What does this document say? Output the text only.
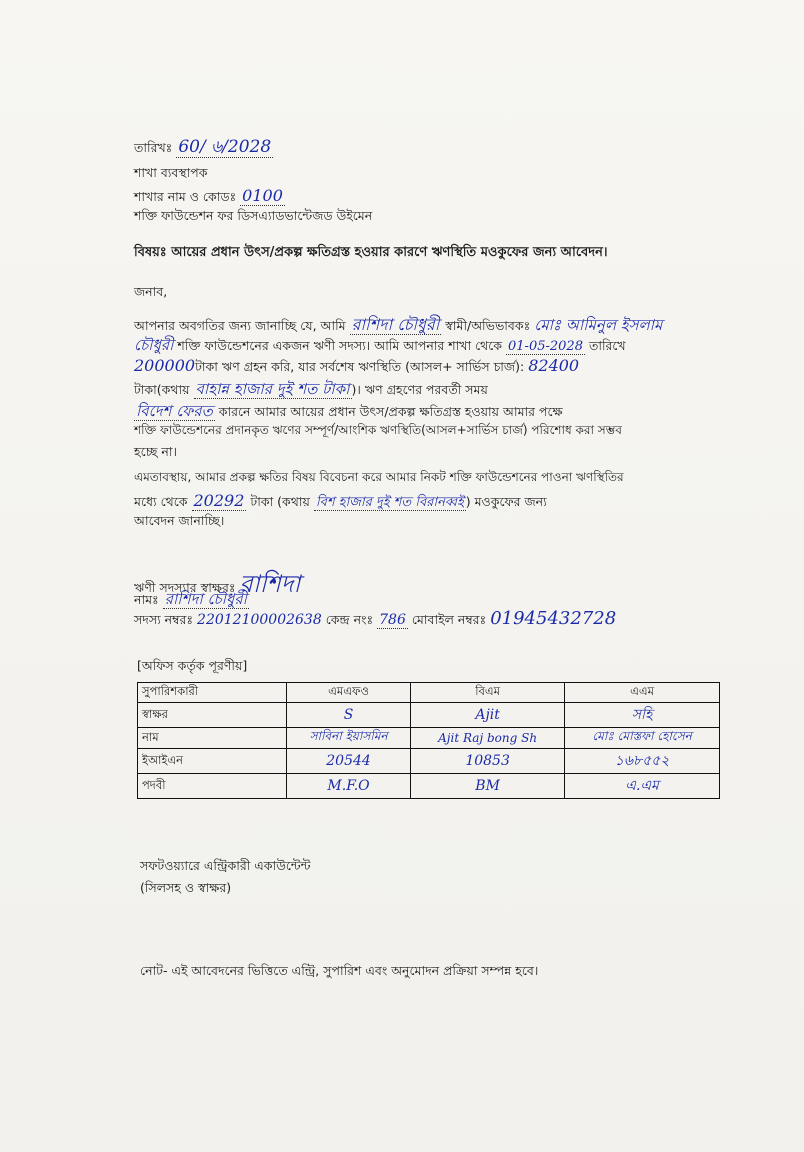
তারিখঃ 60/ ৬/2028
শাখা ব্যবস্থাপক
শাখার নাম ও কোডঃ 0100
শক্তি ফাউন্ডেশন ফর ডিসএ্যাডভান্টেজড উইমেন
বিষয়ঃ আয়ের প্রধান উৎস/প্রকল্প ক্ষতিগ্রস্ত হওয়ার কারণে ঋণস্থিতি মওকুফের জন্য আবেদন।
জনাব,
আপনার অবগতির জন্য জানাচ্ছি যে, আমি রাশিদা চৌধুরী স্বামী/অভিভাবকঃ মোঃ আমিনুল ইসলাম
চৌধুরী শক্তি ফাউন্ডেশনের একজন ঋণী সদস্য। আমি আপনার শাখা থেকে 01-05-2028 তারিখে
200000টাকা ঋণ গ্রহন করি, যার সর্বশেষ ঋণস্থিতি (আসল+ সার্ভিস চার্জ): 82400
টাকা(কথায় বাহান্ন হাজার দুই শত টাকা )। ঋণ গ্রহণের পরবর্তী সময়
বিদেশ ফেরত কারনে আমার আয়ের প্রধান উৎস/প্রকল্প ক্ষতিগ্রস্ত হওয়ায় আমার পক্ষে
শক্তি ফাউন্ডেশনের প্রদানকৃত ঋণের সম্পূর্ণ/আংশিক ঋণস্থিতি(আসল+সার্ভিস চার্জ) পরিশোধ করা সম্ভব
হচ্ছে না।
এমতাবস্থায়, আমার প্রকল্প ক্ষতির বিষয় বিবেচনা করে আমার নিকট শক্তি ফাউন্ডেশনের পাওনা ঋণস্থিতির
মধ্যে থেকে 20292 টাকা (কথায় বিশ হাজার দুই শত বিরানব্বই ) মওকুফের জন্য
আবেদন জানাচ্ছি।
ঋণী সদস্যার স্বাক্ষরঃ রাশিদা
নামঃ রাশিদা চৌধুরী
সদস্য নম্বরঃ 22012100002638 কেন্দ্র নংঃ 786 মোবাইল নম্বরঃ 01945432728
[অফিস কর্তৃক পূরণীয়]
সুপারিশকারী	এমএফও	বিএম	এএম
স্বাক্ষর	S	Ajit	সহি
নাম	সাবিনা ইয়াসমিন	Ajit Raj bong Sh	মোঃ মোস্তফা হোসেন
ইআইএন	20544	10853	১৬৮৫৫২
পদবী	M.F.O	BM	এ.এম
সফটওয়্যারে এন্ট্রিকারী একাউন্টেন্ট
(সিলসহ ও স্বাক্ষর)
নোট- এই আবেদনের ভিত্তিতে এন্ট্রি, সুপারিশ এবং অনুমোদন প্রক্রিয়া সম্পন্ন হবে।
